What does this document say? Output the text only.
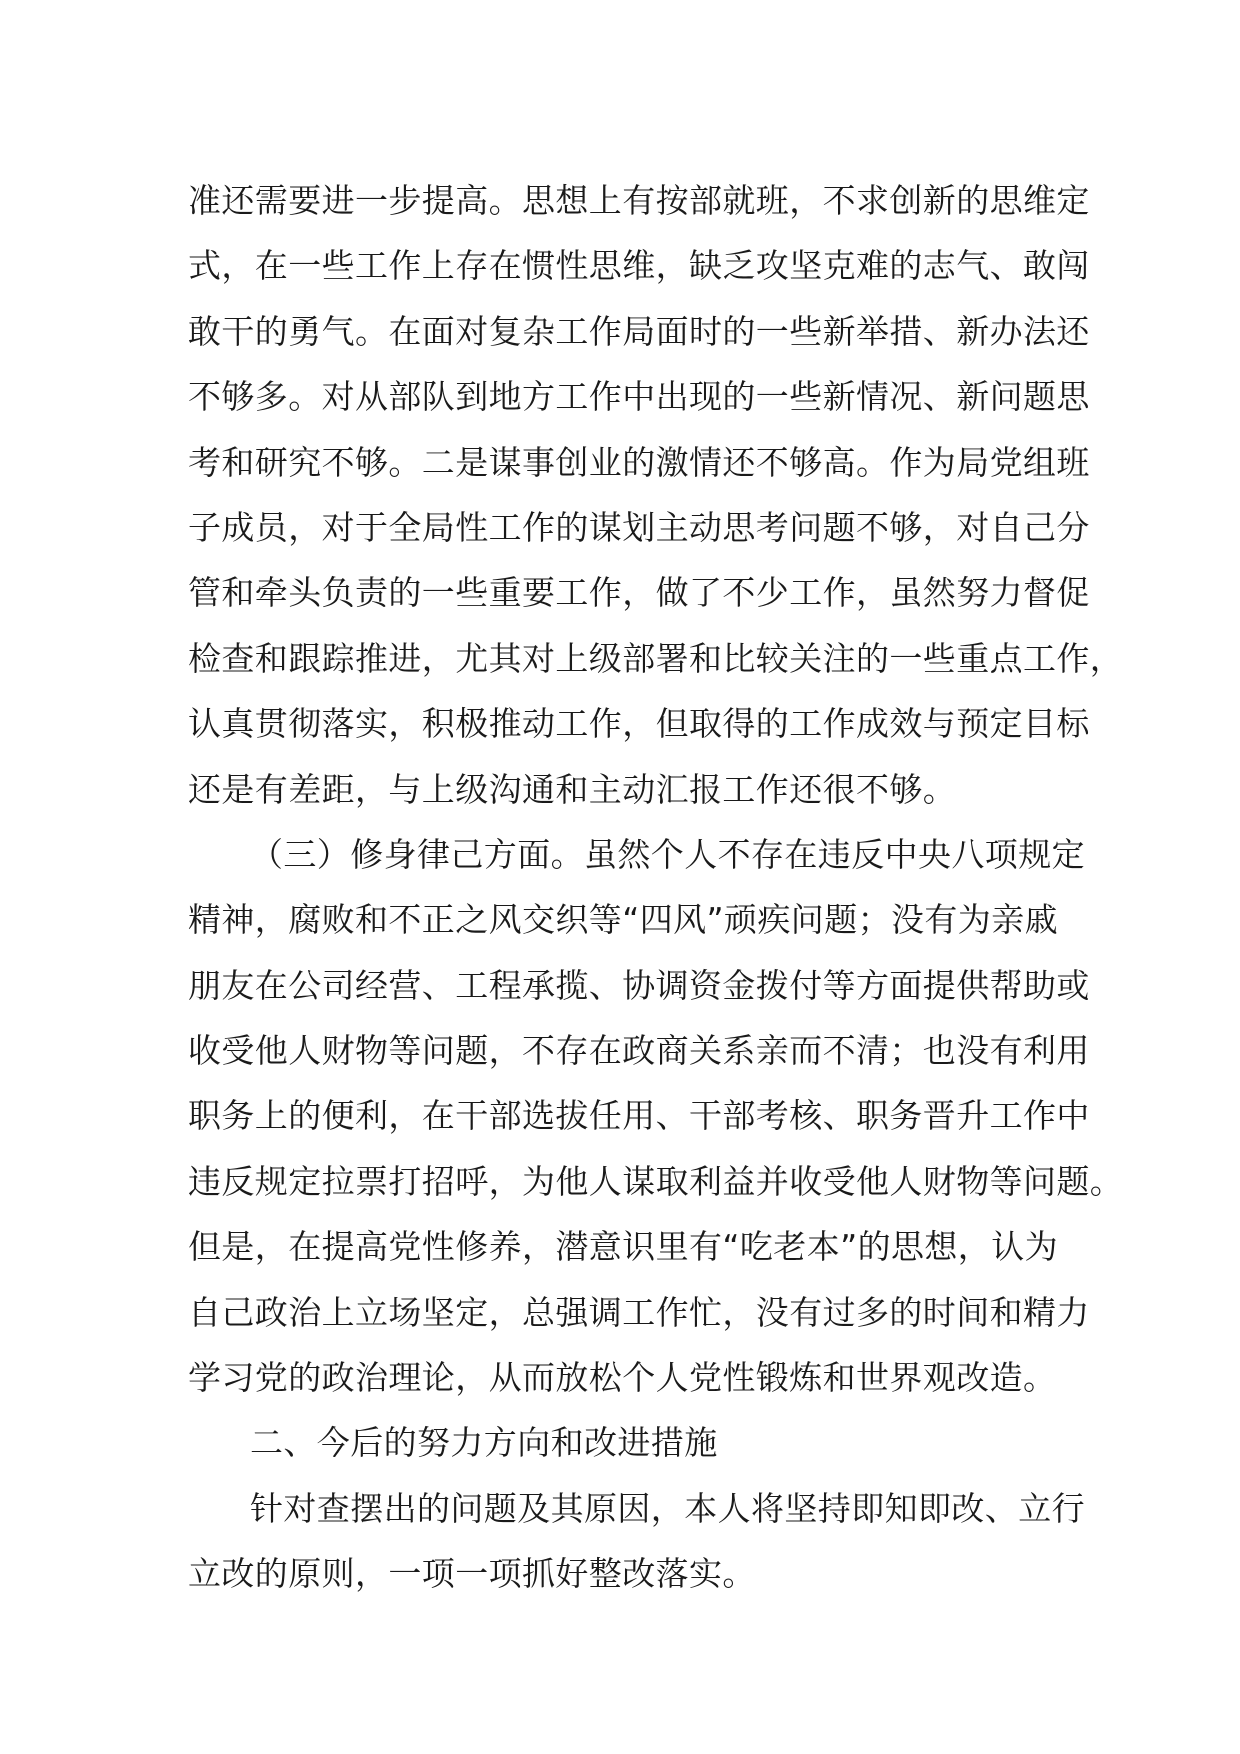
准还需要进一步提高。思想上有按部就班，不求创新的思维定
式，在一些工作上存在惯性思维，缺乏攻坚克难的志气、敢闯
敢干的勇气。在面对复杂工作局面时的一些新举措、新办法还
不够多。对从部队到地方工作中出现的一些新情况、新问题思
考和研究不够。二是谋事创业的激情还不够高。作为局党组班
子成员，对于全局性工作的谋划主动思考问题不够，对自己分
管和牵头负责的一些重要工作，做了不少工作，虽然努力督促
检查和跟踪推进，尤其对上级部署和比较关注的一些重点工作，
认真贯彻落实，积极推动工作，但取得的工作成效与预定目标
还是有差距，与上级沟通和主动汇报工作还很不够。
（三）修身律己方面。虽然个人不存在违反中央八项规定
精神，腐败和不正之风交织等“四风”顽疾问题；没有为亲戚
朋友在公司经营、工程承揽、协调资金拨付等方面提供帮助或
收受他人财物等问题，不存在政商关系亲而不清；也没有利用
职务上的便利，在干部选拔任用、干部考核、职务晋升工作中
违反规定拉票打招呼，为他人谋取利益并收受他人财物等问题。
但是，在提高党性修养，潜意识里有“吃老本”的思想，认为
自己政治上立场坚定，总强调工作忙，没有过多的时间和精力
学习党的政治理论，从而放松个人党性锻炼和世界观改造。
二、今后的努力方向和改进措施
针对查摆出的问题及其原因，本人将坚持即知即改、立行
立改的原则，一项一项抓好整改落实。
